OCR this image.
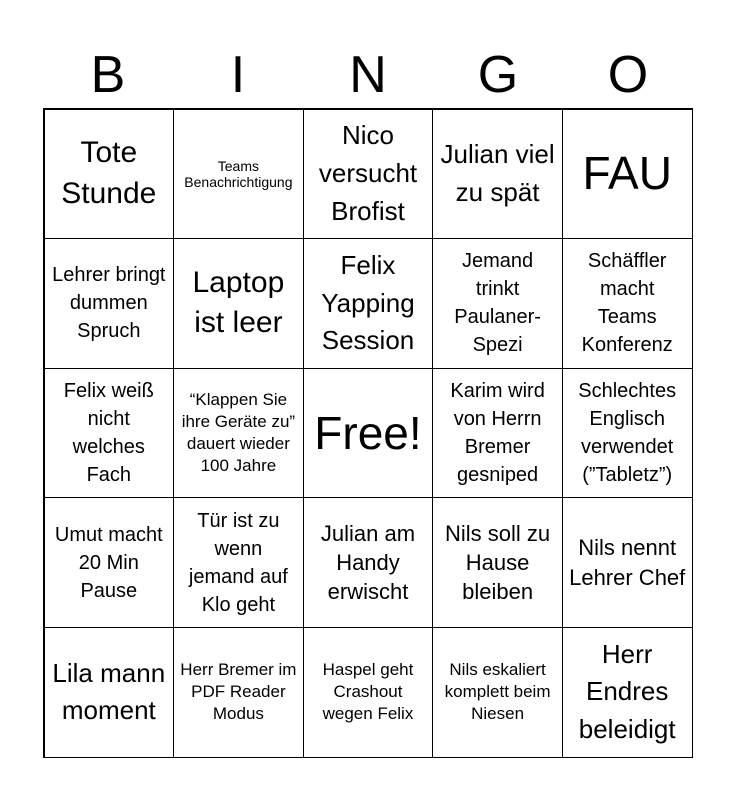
B	I	N	G	O
Tote Stunde
Teams Benachrichtigung
Nico versucht Brofist
Julian viel zu spät FAU
Lehrer bringt dummen Spruch
Laptop ist leer
Felix Yapping Session
Jemand trinkt Paulaner-Spezi
Schäffler macht Teams Konferenz
Felix weiß nicht welches Fach
“Klappen Sie ihre Geräte zu” dauert wieder 100 Jahre
Free!
Karim wird von Herrn Bremer gesniped
Schlechtes Englisch verwendet (”Tabletz”)
Umut macht 20 Min Pause
Tür ist zu wenn jemand auf Klo geht
Julian am Handy erwischt
Nils soll zu Hause bleiben
Nils nennt Lehrer Chef
Lila mann moment
Herr Bremer im PDF Reader Modus
Haspel geht Crashout wegen Felix
Nils eskaliert komplett beim Niesen
Herr Endres beleidigt
